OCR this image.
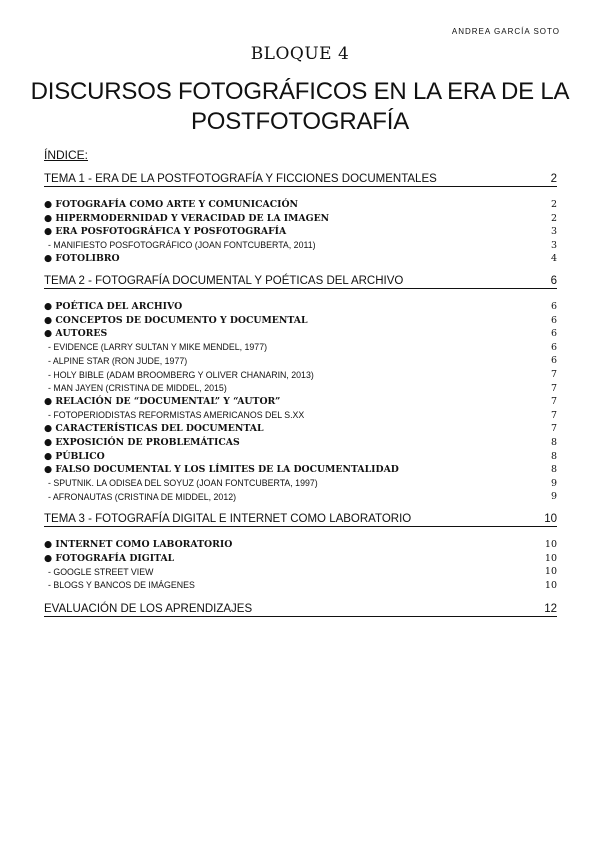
ANDREA GARCÍA SOTO
BLOQUE 4
DISCURSOS FOTOGRÁFICOS EN LA ERA DE LA POSTFOTOGRAFÍA
ÍNDICE:
TEMA 1 - ERA DE LA POSTFOTOGRAFÍA Y FICCIONES DOCUMENTALES	2
● FOTOGRAFÍA COMO ARTE Y COMUNICACIÓN	2
● HIPERMODERNIDAD Y VERACIDAD DE LA IMAGEN	2
● ERA POSFOTOGRÁFICA Y POSFOTOGRAFÍA	3
- MANIFIESTO POSFOTOGRÁFICO (JOAN FONTCUBERTA, 2011)	3
● FOTOLIBRO	4
TEMA 2 - FOTOGRAFÍA DOCUMENTAL Y POÉTICAS DEL ARCHIVO	6
● POÉTICA DEL ARCHIVO	6
● CONCEPTOS DE DOCUMENTO Y DOCUMENTAL	6
● AUTORES	6
- EVIDENCE (LARRY SULTAN Y MIKE MENDEL, 1977)	6
- ALPINE STAR (RON JUDE, 1977)	6
- HOLY BIBLE (ADAM BROOMBERG Y OLIVER CHANARIN, 2013)	7
- MAN JAYEN (CRISTINA DE MIDDEL, 2015)	7
● RELACIÓN DE “DOCUMENTAL” Y “AUTOR”	7
- FOTOPERIODISTAS REFORMISTAS AMERICANOS DEL S.XX	7
● CARACTERÍSTICAS DEL DOCUMENTAL	7
● EXPOSICIÓN DE PROBLEMÁTICAS	8
● PÚBLICO	8
● FALSO DOCUMENTAL Y LOS LÍMITES DE LA DOCUMENTALIDAD	8
- SPUTNIK. LA ODISEA DEL SOYUZ (JOAN FONTCUBERTA, 1997)	9
- AFRONAUTAS (CRISTINA DE MIDDEL, 2012)	9
TEMA 3 - FOTOGRAFÍA DIGITAL E INTERNET COMO LABORATORIO	10
● INTERNET COMO LABORATORIO	10
● FOTOGRAFÍA DIGITAL	10
- GOOGLE STREET VIEW	10
- BLOGS Y BANCOS DE IMÁGENES	10
EVALUACIÓN DE LOS APRENDIZAJES	12
